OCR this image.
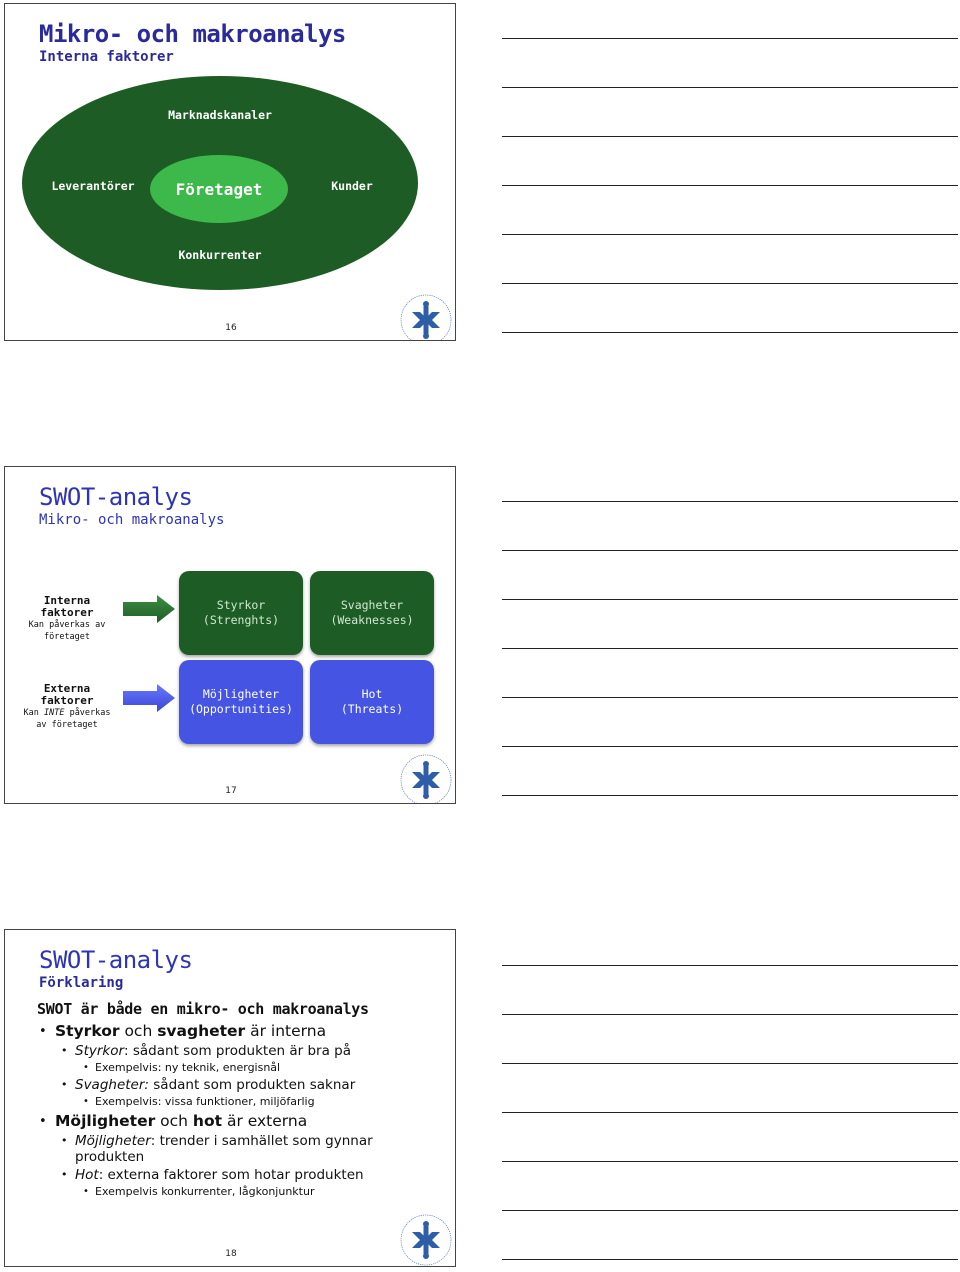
Mikro- och makroanalys
Interna faktorer
Marknadskanaler
Leverantörer	Kunder
Konkurrenter
Företaget
16
SWOT-analys
Mikro- och makroanalys
Interna
faktorer
Kan påverkas av
företaget
Externa
faktorer
Kan INTE påverkas
av företaget
Styrkor
(Strenghts)
Svagheter
(Weaknesses)
Möjligheter
(Opportunities)
Hot
(Threats)
17
SWOT-analys
Förklaring
SWOT är både en mikro- och makroanalys
• Styrkor och svagheter är interna
• Styrkor: sådant som produkten är bra på
• Exempelvis: ny teknik, energisnål
• Svagheter: sådant som produkten saknar
• Exempelvis: vissa funktioner, miljöfarlig
• Möjligheter och hot är externa
• Möjligheter: trender i samhället som gynnar produkten
• Hot: externa faktorer som hotar produkten
• Exempelvis konkurrenter, lågkonjunktur
18
